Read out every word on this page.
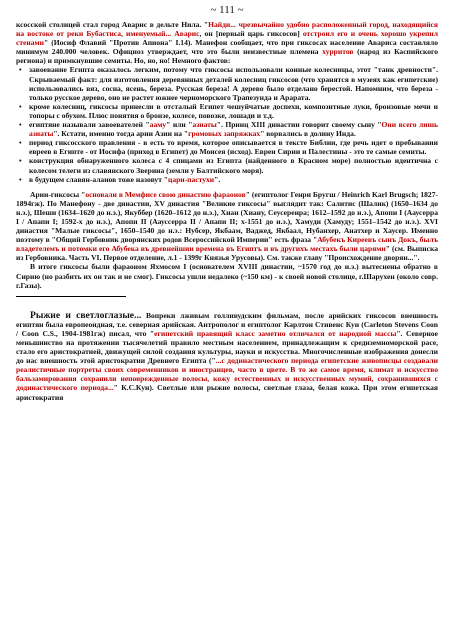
~ 111 ~

ксосской столицей стал город Аварис в дельте Нила. "Найди... чрезвычайно удобно расположенный город, находящийся на востоке от реки Бубастиса, именуемый... Аварис, он [первый царь гиксосов] отстроил его и очень хорошо укрепил стенами" (Иосиф Флавий "Против Апиона" I.14). Манефон сообщает, что при гиксосах население Авариса составляло минимум 240.000 человек. Официоз утверждает, что это были неизвестные племена хурритов (народ из Каспийского региона) и примкнувшие семиты. Но, но, но! Немного фактов:

• завоевание Египта оказалось легким, потому что гиксосы использовали конные колесницы, этот "танк древности". Скрываемый факт: для изготовления деревянных деталей колесниц гиксосов (что хранятся в музеях как египетские) использовались вяз, сосна, ясень, береза. Русская береза! А дерево было отделано берестой. Напомним, что береза - только русское дерево, оно не растет южнее черноморского Трапезунда и Арарата.
• кроме колесниц, гиксосы принесли в отсталый Египет чешуйчатые доспехи, композитные луки, бронзовые мечи и топоры с обухом. Плюс понятия о бронзе, колесе, повозке, лошади и т.д.
• египтяне называли завоевателей "ааму" или "азиаты". Принц XIII династии говорит своему сыну "Они всего лишь азиаты". Кстати, именно тогда арии Азии на "громовых запряжках" ворвались в долину Инда.
• период гиксосского правления - в есть то время, которое описывается в тексте Библии, где речь идет о пребывании евреев в Египте - от Иосифа (приход в Египет) до Моисея (исход). Евреи Сирии и Палестины - это те самые семиты.
• конструкция обнаруженного колеса с 4 спицами из Египта (найденного в Красном море) полностью идентична с колесом телеги из славянского Зверина (земли у Балтийского моря).
• в будущем славян-аланов тоже назовут "цари-пастухи".

Арии-гиксосы "основали в Мемфисе свою династию фараонов" (египтолог Генри Бругш / Heinrich Karl Brugsch; 1827-1894гж). По Манефону - две династии, XV династия "Великие гиксосы" выглядит так: Салитис (Шалик) (1650–1634 до н.э.), Шеши (1634–1620 до н.э.), Якуббер (1620–1612 до н.э.), Хиан (Хиану, Сеусеренра; 1612–1592 до н.э.), Апопи I (Ааусерра I / Апапи I; 1592-х до н.э.), Апопи II (Аауссерра II / Апапи II; x-1551 до н.э.), Хамуди (Хамуду; 1551–1542 до н.э.). XVI династия "Малые гиксосы", 1650–1540 до н.э.: Нубсер, Якбаам, Ваджед, Якбаал, Нубанхер, Анатхер и Хаусер. Именно поэтому в "Общий Гербовник дворянских родов Всероссийской Империи" есть фраза "Абубекъ Киреевъ сынъ Докъ, былъ владетелемъ и потомки его Абубека въ древнейшии времена въ Египтъ и въ другихъ местахъ были царями" (см. Выписка из Гербовника. Часть VI. Первое отделение, л.1 - 1399г Князья Урусовы). См. также главу "Происхождение дворян...".

В итоге гиксосы были фараоном Яхмосом I (основателем XVIII династии, ~1570 год до н.э.) вытеснены обратно в Сирию (но разбить их он так и не смог). Гиксосы ушли недалеко (~150 км) - к своей новой столице, г.Шарухен (около совр. г.Газы).

Рыжие и светлоглазые... Вопреки лживым голливудским фильмам, после арийских гиксосов внешность египтян была европеоидная, т.е. северная арийская. Антрополог и египтолог Карлтон Стивенс Кун (Carleton Stevens Coon / Coon C.S., 1904-1981гж) писал, что "египетский правящий класс заметно отличался от народной массы". Северное меньшинство на протяжении тысячелетий правило местным населением, принадлежащим к средиземноморской расе, стало его аристократией, движущей силой создания культуры, науки и искусства. Многочисленные изображения донесли до нас внешность этой аристократии Древнего Египта ("...с додинастического периода египетские живописцы создавали реалистичные портреты своих современников и иностранцев, часто в цвете. В то же самое время, климат и искусство бальзамирования сохранили неповрежденные волосы, кожу естественных и искусственных мумий, сохранившихся с додинастического периода..." К.С.Кун). Светлые или рыжие волосы, светлые глаза, белая кожа. При этом египетская аристократия
